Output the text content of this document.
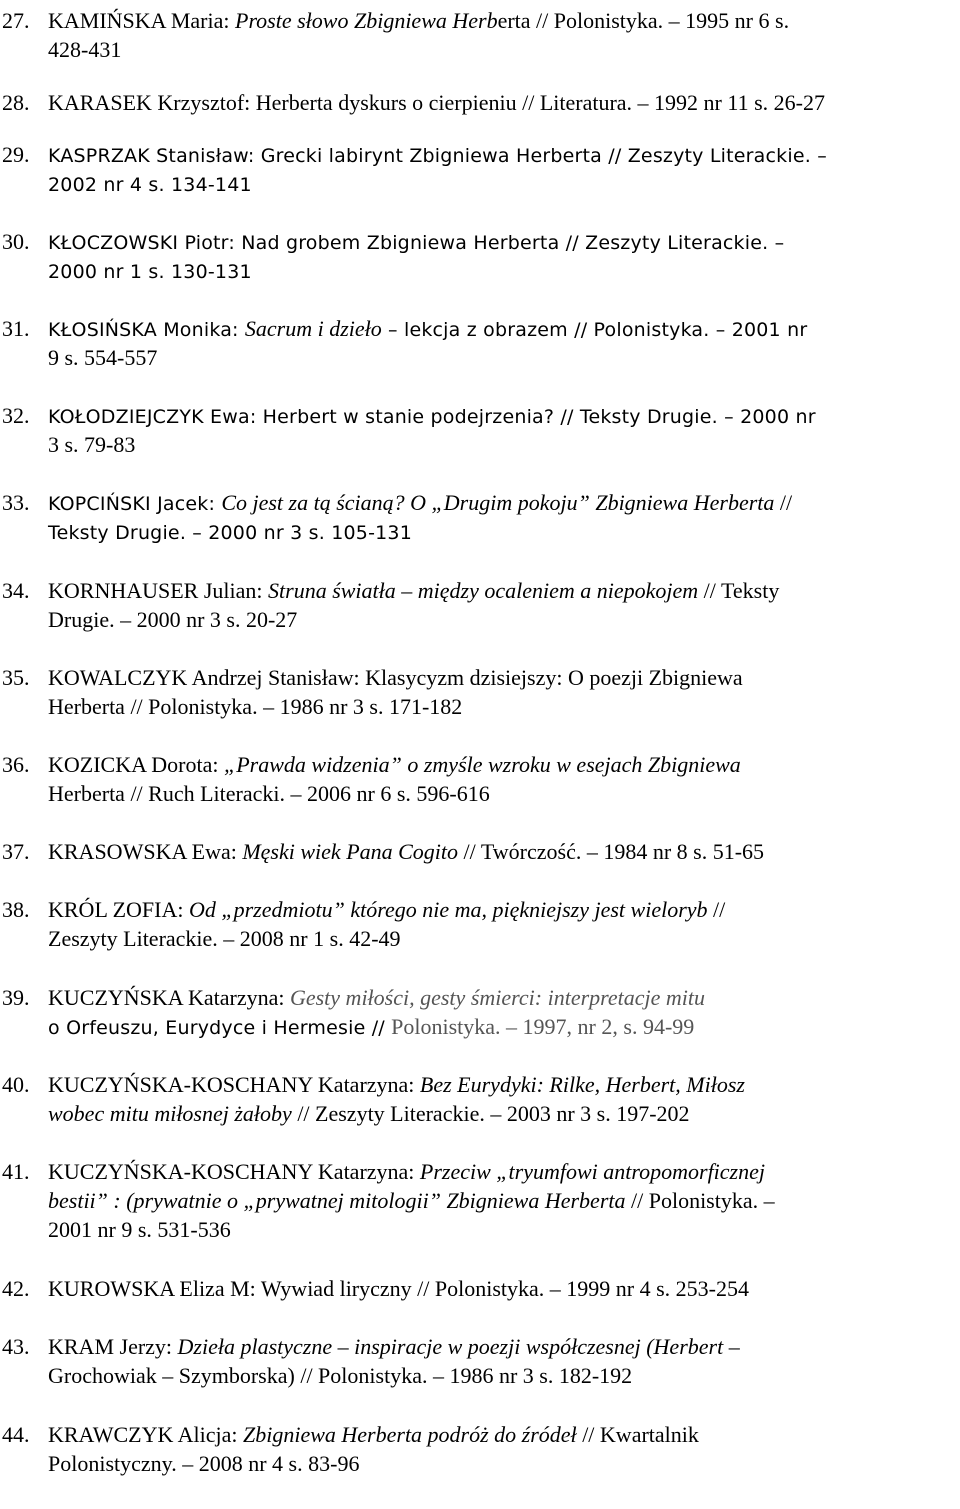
27. KAMIŃSKA Maria: Proste słowo Zbigniewa Herberta // Polonistyka. – 1995 nr 6 s.
428-431
28. KARASEK Krzysztof: Herberta dyskurs o cierpieniu // Literatura. – 1992 nr 11 s. 26-27
29. KASPRZAK Stanisław: Grecki labirynt Zbigniewa Herberta // Zeszyty Literackie. –
2002 nr 4 s. 134-141
30. KŁOCZOWSKI Piotr: Nad grobem Zbigniewa Herberta // Zeszyty Literackie. –
2000 nr 1 s. 130-131
31. KŁOSIŃSKA Monika: Sacrum i dzieło – lekcja z obrazem // Polonistyka. – 2001 nr
9 s. 554-557
32. KOŁODZIEJCZYK Ewa: Herbert w stanie podejrzenia? // Teksty Drugie. – 2000 nr
3 s. 79-83
33. KOPCIŃSKI Jacek: Co jest za tą ścianą? O „Drugim pokoju” Zbigniewa Herberta //
Teksty Drugie. – 2000 nr 3 s. 105-131
34. KORNHAUSER Julian: Struna światła – między ocaleniem a niepokojem // Teksty
Drugie. – 2000 nr 3 s. 20-27
35. KOWALCZYK Andrzej Stanisław: Klasycyzm dzisiejszy: O poezji Zbigniewa
Herberta // Polonistyka. – 1986 nr 3 s. 171-182
36. KOZICKA Dorota: „Prawda widzenia” o zmyśle wzroku w esejach Zbigniewa
Herberta // Ruch Literacki. – 2006 nr 6 s. 596-616
37. KRASOWSKA Ewa: Męski wiek Pana Cogito // Twórczość. – 1984 nr 8 s. 51-65
38. KRÓL ZOFIA: Od „przedmiotu” którego nie ma, piękniejszy jest wieloryb //
Zeszyty Literackie. – 2008 nr 1 s. 42-49
39. KUCZYŃSKA Katarzyna: Gesty miłości, gesty śmierci: interpretacje mitu
o Orfeuszu, Eurydyce i Hermesie // Polonistyka. – 1997, nr 2, s. 94-99
40. KUCZYŃSKA-KOSCHANY Katarzyna: Bez Eurydyki: Rilke, Herbert, Miłosz
wobec mitu miłosnej żałoby // Zeszyty Literackie. – 2003 nr 3 s. 197-202
41. KUCZYŃSKA-KOSCHANY Katarzyna: Przeciw „tryumfowi antropomorficznej
bestii” : (prywatnie o „prywatnej mitologii” Zbigniewa Herberta // Polonistyka. –
2001 nr 9 s. 531-536
42. KUROWSKA Eliza M: Wywiad liryczny // Polonistyka. – 1999 nr 4 s. 253-254
43. KRAM Jerzy: Dzieła plastyczne – inspiracje w poezji współczesnej (Herbert –
Grochowiak – Szymborska) // Polonistyka. – 1986 nr 3 s. 182-192
44. KRAWCZYK Alicja: Zbigniewa Herberta podróż do źródeł // Kwartalnik
Polonistyczny. – 2008 nr 4 s. 83-96
